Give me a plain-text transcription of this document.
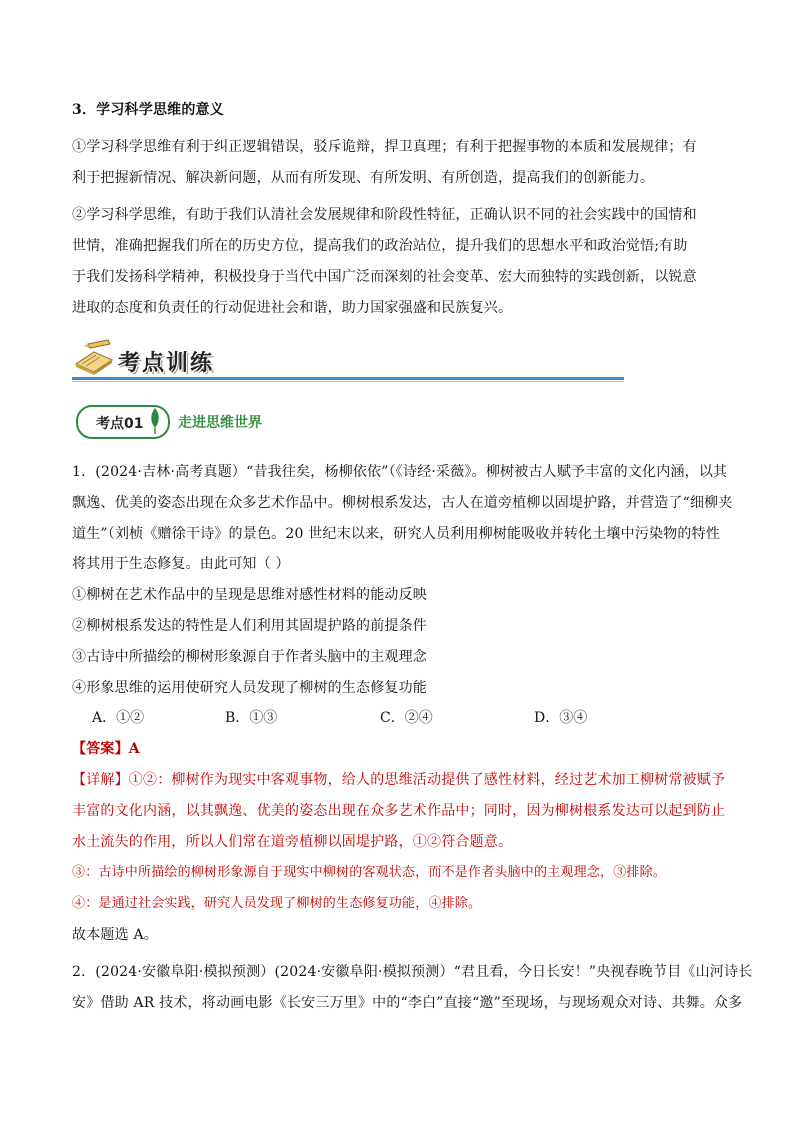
3．学习科学思维的意义
①学习科学思维有利于纠正逻辑错误，驳斥诡辩，捍卫真理；有利于把握事物的本质和发展规律；有
利于把握新情况、解决新问题，从而有所发现、有所发明、有所创造，提高我们的创新能力。
②学习科学思维，有助于我们认清社会发展规律和阶段性特征，正确认识不同的社会实践中的国情和
世情，准确把握我们所在的历史方位，提高我们的政治站位，提升我们的思想水平和政治觉悟;有助
于我们发扬科学精神，积极投身于当代中国广泛而深刻的社会变革、宏大而独特的实践创新，以锐意
进取的态度和负责任的行动促进社会和谐，助力国家强盛和民族复兴。
考点训练
考点01 走进思维世界
1．(2024·吉林·高考真题）“昔我往矣，杨柳依依”（《诗经·采薇》。柳树被古人赋予丰富的文化内涵，以其
飘逸、优美的姿态出现在众多艺术作品中。柳树根系发达，古人在道旁植柳以固堤护路，并营造了“细柳夹
道生”（刘桢《赠徐干诗》的景色。20 世纪末以来，研究人员利用柳树能吸收并转化土壤中污染物的特性
将其用于生态修复。由此可知（ ）
①柳树在艺术作品中的呈现是思维对感性材料的能动反映
②柳树根系发达的特性是人们利用其固堤护路的前提条件
③古诗中所描绘的柳树形象源自于作者头脑中的主观理念
④形象思维的运用使研究人员发现了柳树的生态修复功能
A．①②	B．①③	C．②④	D．③④
【答案】A
【详解】①②：柳树作为现实中客观事物，给人的思维活动提供了感性材料，经过艺术加工柳树常被赋予
丰富的文化内涵，以其飘逸、优美的姿态出现在众多艺术作品中；同时，因为柳树根系发达可以起到防止
水土流失的作用，所以人们常在道旁植柳以固堤护路，①②符合题意。
③：古诗中所描绘的柳树形象源自于现实中柳树的客观状态，而不是作者头脑中的主观理念，③排除。
④：是通过社会实践，研究人员发现了柳树的生态修复功能，④排除。
故本题选 A。
2．(2024·安徽阜阳·模拟预测）(2024·安徽阜阳·模拟预测）“君且看，今日长安！”央视春晚节目《山河诗长
安》借助 AR 技术，将动画电影《长安三万里》中的“李白”直接“邀”至现场，与现场观众对诗、共舞。众多
